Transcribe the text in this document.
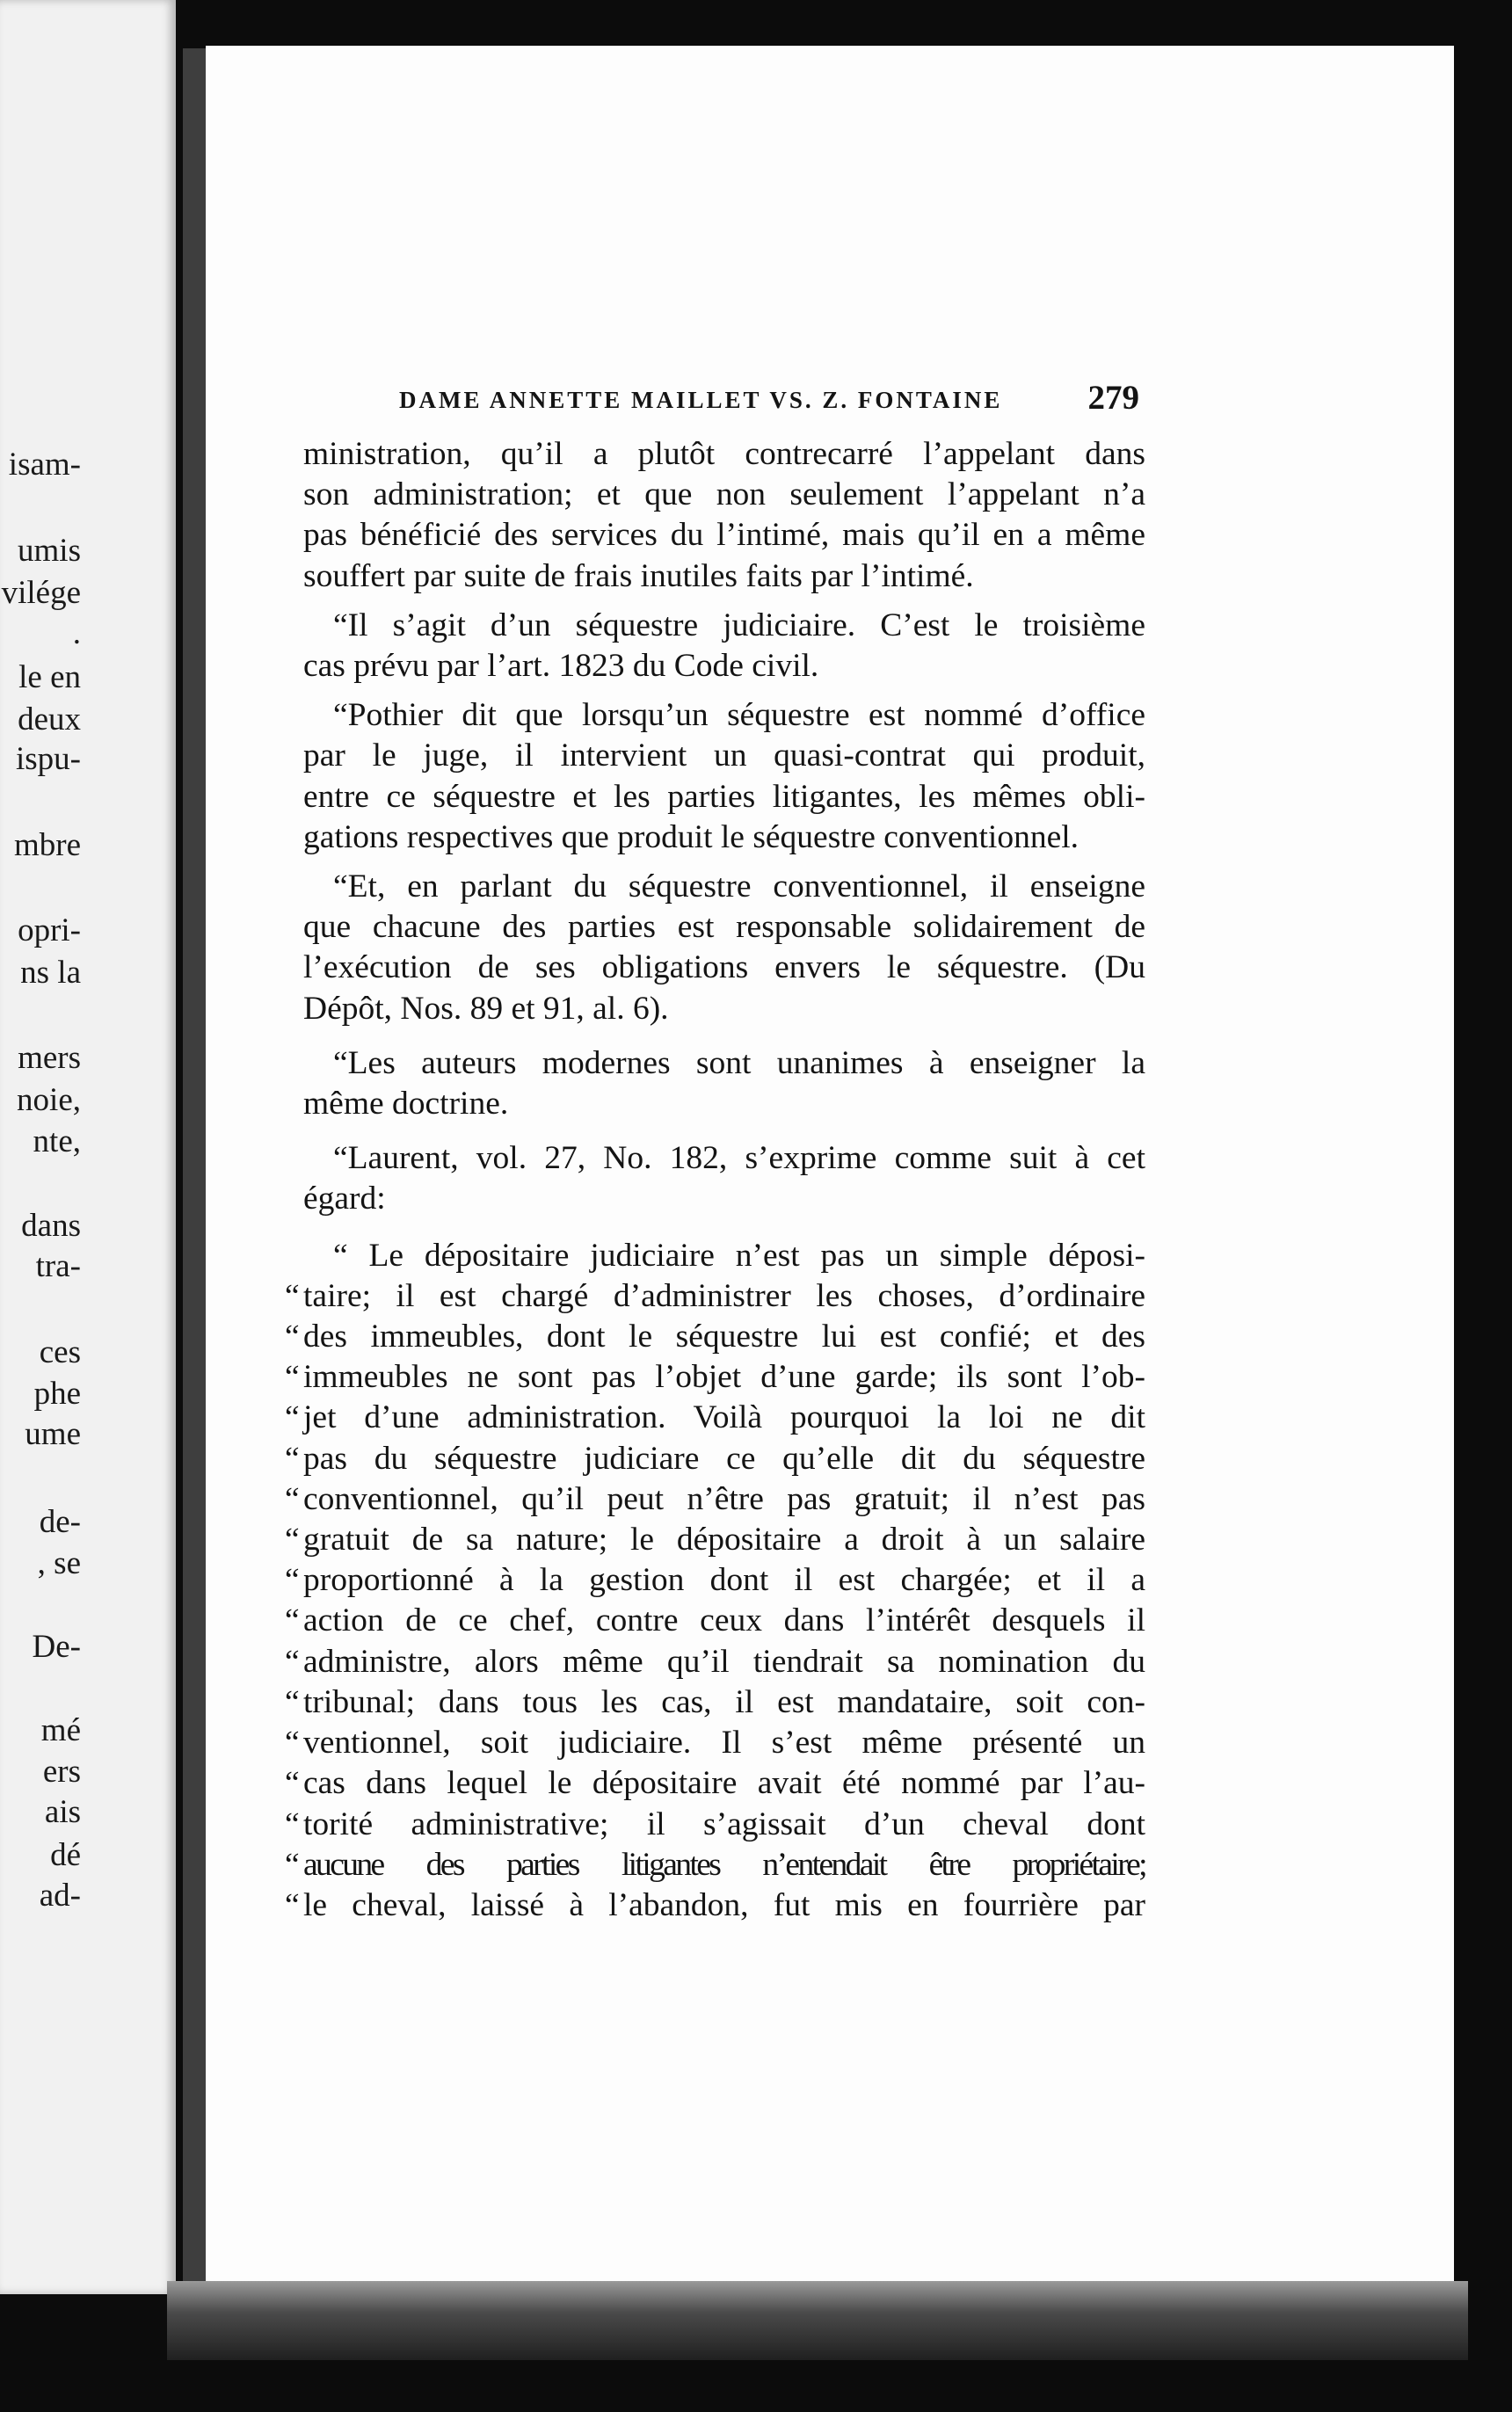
isam-
umis
vilége
.
le en
deux
ispu-
mbre
opri-
ns la
mers
noie,
nte,
dans
tra-
ces
phe
ume
de-
, se
De-
mé
ers
ais
dé
ad-
DAME ANNETTE MAILLET VS. Z. FONTAINE 279

ministration, qu’il a plutôt contrecarré l’appelant dans

son administration; et que non seulement l’appelant n’a

pas bénéficié des services du l’intimé, mais qu’il en a même

souffert par suite de frais inutiles faits par l’intimé.

“Il s’agit d’un séquestre judiciaire. C’est le troisième

cas prévu par l’art. 1823 du Code civil.

“Pothier dit que lorsqu’un séquestre est nommé d’office

par le juge, il intervient un quasi-contrat qui produit,

entre ce séquestre et les parties litigantes, les mêmes obli-

gations respectives que produit le séquestre conventionnel.

“Et, en parlant du séquestre conventionnel, il enseigne

que chacune des parties est responsable solidairement de

l’exécution de ses obligations envers le séquestre. (Du

Dépôt, Nos. 89 et 91, al. 6).

“Les auteurs modernes sont unanimes à enseigner la

même doctrine.

“Laurent, vol. 27, No. 182, s’exprime comme suit à cet

égard:

“ Le dépositaire judiciaire n’est pas un simple déposi-

“ taire; il est chargé d’administrer les choses, d’ordinaire

“ des immeubles, dont le séquestre lui est confié; et des

“ immeubles ne sont pas l’objet d’une garde; ils sont l’ob-

“ jet d’une administration. Voilà pourquoi la loi ne dit

“ pas du séquestre judiciare ce qu’elle dit du séquestre

“ conventionnel, qu’il peut n’être pas gratuit; il n’est pas

“ gratuit de sa nature; le dépositaire a droit à un salaire

“ proportionné à la gestion dont il est chargée; et il a

“ action de ce chef, contre ceux dans l’intérêt desquels il

“ administre, alors même qu’il tiendrait sa nomination du

“ tribunal; dans tous les cas, il est mandataire, soit con-

“ ventionnel, soit judiciaire. Il s’est même présenté un

“ cas dans lequel le dépositaire avait été nommé par l’au-

“ torité administrative; il s’agissait d’un cheval dont

“ aucune des parties litigantes n’entendait être propriétaire;

“ le cheval, laissé à l’abandon, fut mis en fourrière par
